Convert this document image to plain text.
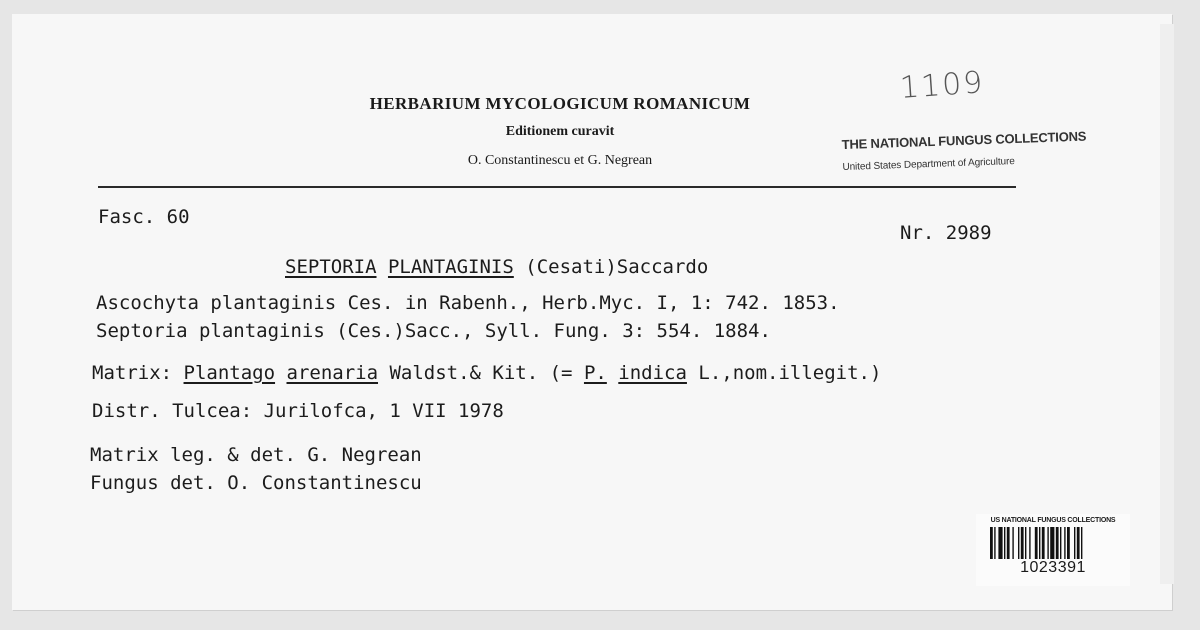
HERBARIUM MYCOLOGICUM ROMANICUM
Editionem curavit
O. Constantinescu et G. Negrean
1109
THE NATIONAL FUNGUS COLLECTIONS
United States Department of Agriculture
Fasc. 60
Nr. 2989
SEPTORIA PLANTAGINIS (Cesati)Saccardo
Ascochyta plantaginis Ces. in Rabenh., Herb.Myc. I, 1: 742. 1853.
Septoria plantaginis (Ces.)Sacc., Syll. Fung. 3: 554. 1884.
Matrix: Plantago arenaria Waldst.& Kit. (= P. indica L.,nom.illegit.)
Distr. Tulcea: Jurilofca, 1 VII 1978
Matrix leg. & det. G. Negrean
Fungus det. O. Constantinescu
US NATIONAL FUNGUS COLLECTIONS
1023391
